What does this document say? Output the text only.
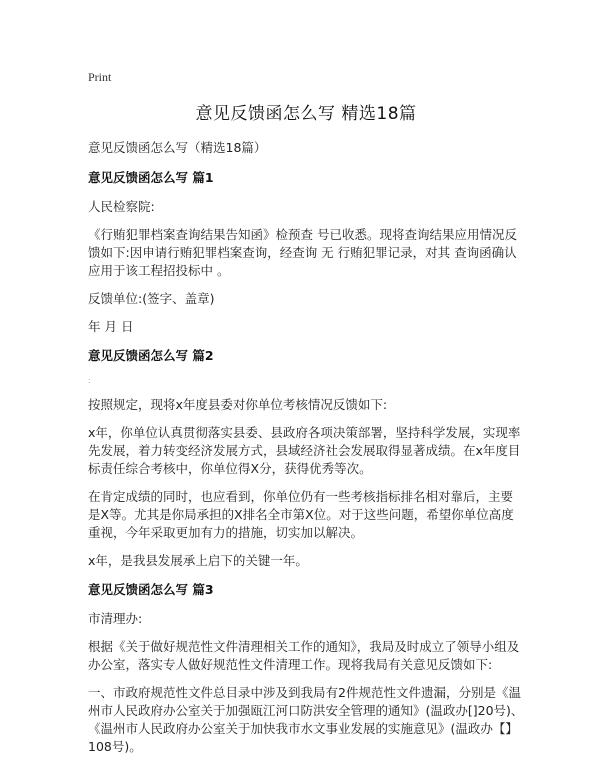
Print
意见反馈函怎么写 精选18篇
意见反馈函怎么写（精选18篇）
意见反馈函怎么写 篇1

人民检察院:

《行贿犯罪档案查询结果告知函》检预查 号已收悉。现将查询结果应用情况反馈如下:因申请行贿犯罪档案查询，经查询 无 行贿犯罪记录，对其 查询函确认应用于该工程招投标中 。

反馈单位:(签字、盖章)

年 月 日

意见反馈函怎么写 篇2
:

按照规定，现将x年度县委对你单位考核情况反馈如下:

x年，你单位认真贯彻落实县委、县政府各项决策部署，坚持科学发展，实现率先发展，着力转变经济发展方式，县域经济社会发展取得显著成绩。在x年度目标责任综合考核中，你单位得X分，获得优秀等次。

在肯定成绩的同时，也应看到，你单位仍有一些考核指标排名相对靠后，主要是X等。尤其是你局承担的X排名全市第X位。对于这些问题，希望你单位高度重视，今年采取更加有力的措施，切实加以解决。

x年，是我县发展承上启下的关键一年。

意见反馈函怎么写 篇3

市清理办:

根据《关于做好规范性文件清理相关工作的通知》，我局及时成立了领导小组及办公室，落实专人做好规范性文件清理工作。现将我局有关意见反馈如下:

一、市政府规范性文件总目录中涉及到我局有2件规范性文件遗漏，分别是《温州市人民政府办公室关于加强瓯江河口防洪安全管理的通知》(温政办[]20号)、《温州市人民政府办公室关于加快我市水文事业发展的实施意见》(温政办【】108号)。
